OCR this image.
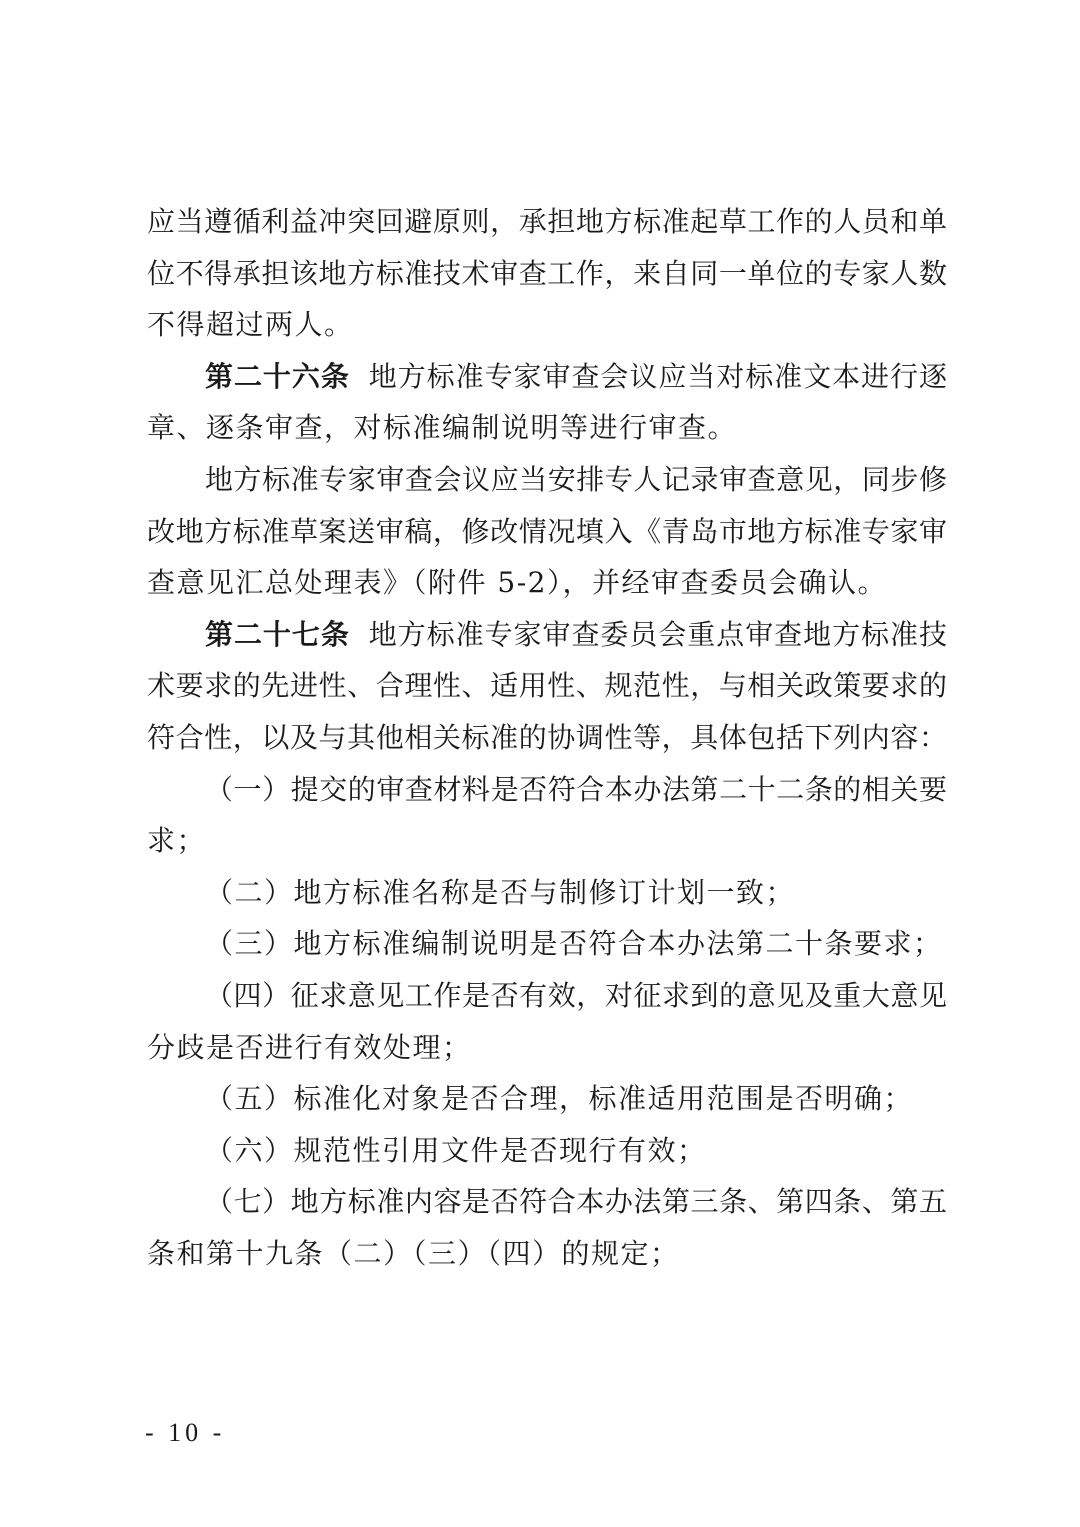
应当遵循利益冲突回避原则，承担地方标准起草工作的人员和单
位不得承担该地方标准技术审查工作，来自同一单位的专家人数
不得超过两人。
第二十六条 地方标准专家审查会议应当对标准文本进行逐
章、逐条审查，对标准编制说明等进行审查。
地方标准专家审查会议应当安排专人记录审查意见，同步修
改地方标准草案送审稿，修改情况填入《青岛市地方标准专家审
查意见汇总处理表》（附件 5-2），并经审查委员会确认。
第二十七条 地方标准专家审查委员会重点审查地方标准技
术要求的先进性、合理性、适用性、规范性，与相关政策要求的
符合性，以及与其他相关标准的协调性等，具体包括下列内容：
（一）提交的审查材料是否符合本办法第二十二条的相关要
求；
（二）地方标准名称是否与制修订计划一致；
（三）地方标准编制说明是否符合本办法第二十条要求；
（四）征求意见工作是否有效，对征求到的意见及重大意见
分歧是否进行有效处理；
（五）标准化对象是否合理，标准适用范围是否明确；
（六）规范性引用文件是否现行有效；
（七）地方标准内容是否符合本办法第三条、第四条、第五
条和第十九条（二）（三）（四）的规定；
- 10 -
